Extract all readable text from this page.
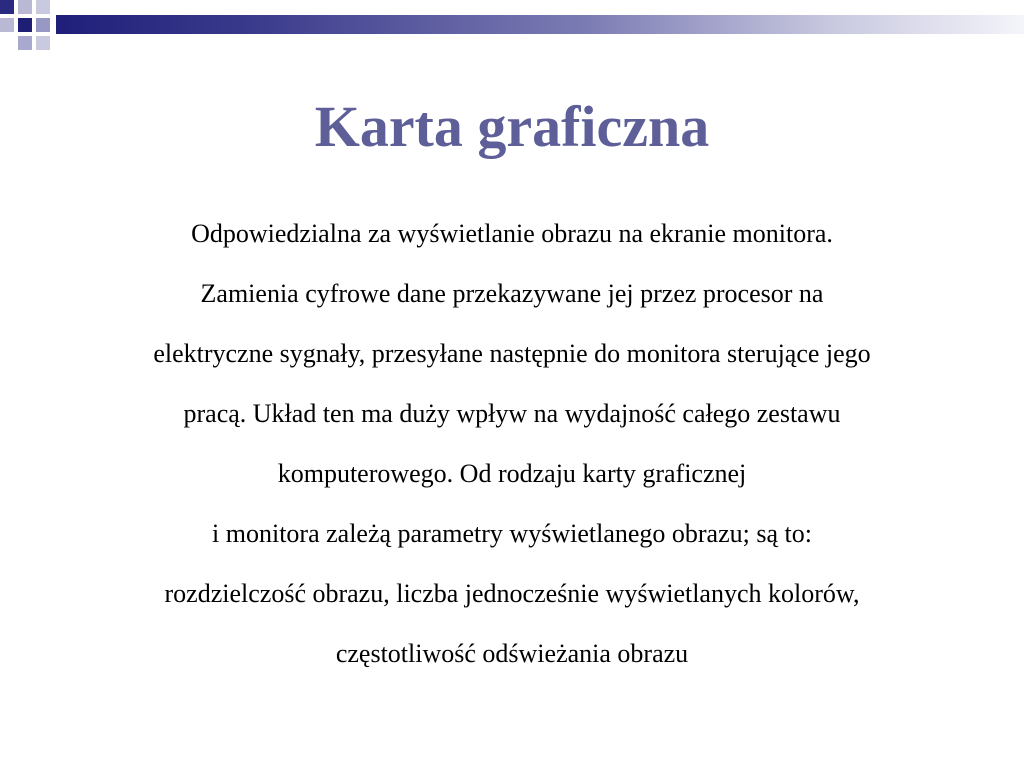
Karta graficzna
Odpowiedzialna za wyświetlanie obrazu na ekranie monitora.
Zamienia cyfrowe dane przekazywane jej przez procesor na
elektryczne sygnały, przesyłane następnie do monitora sterujące jego
pracą. Układ ten ma duży wpływ na wydajność całego zestawu
komputerowego. Od rodzaju karty graficznej
i monitora zależą parametry wyświetlanego obrazu; są to:
rozdzielczość obrazu, liczba jednocześnie wyświetlanych kolorów,
częstotliwość odświeżania obrazu
